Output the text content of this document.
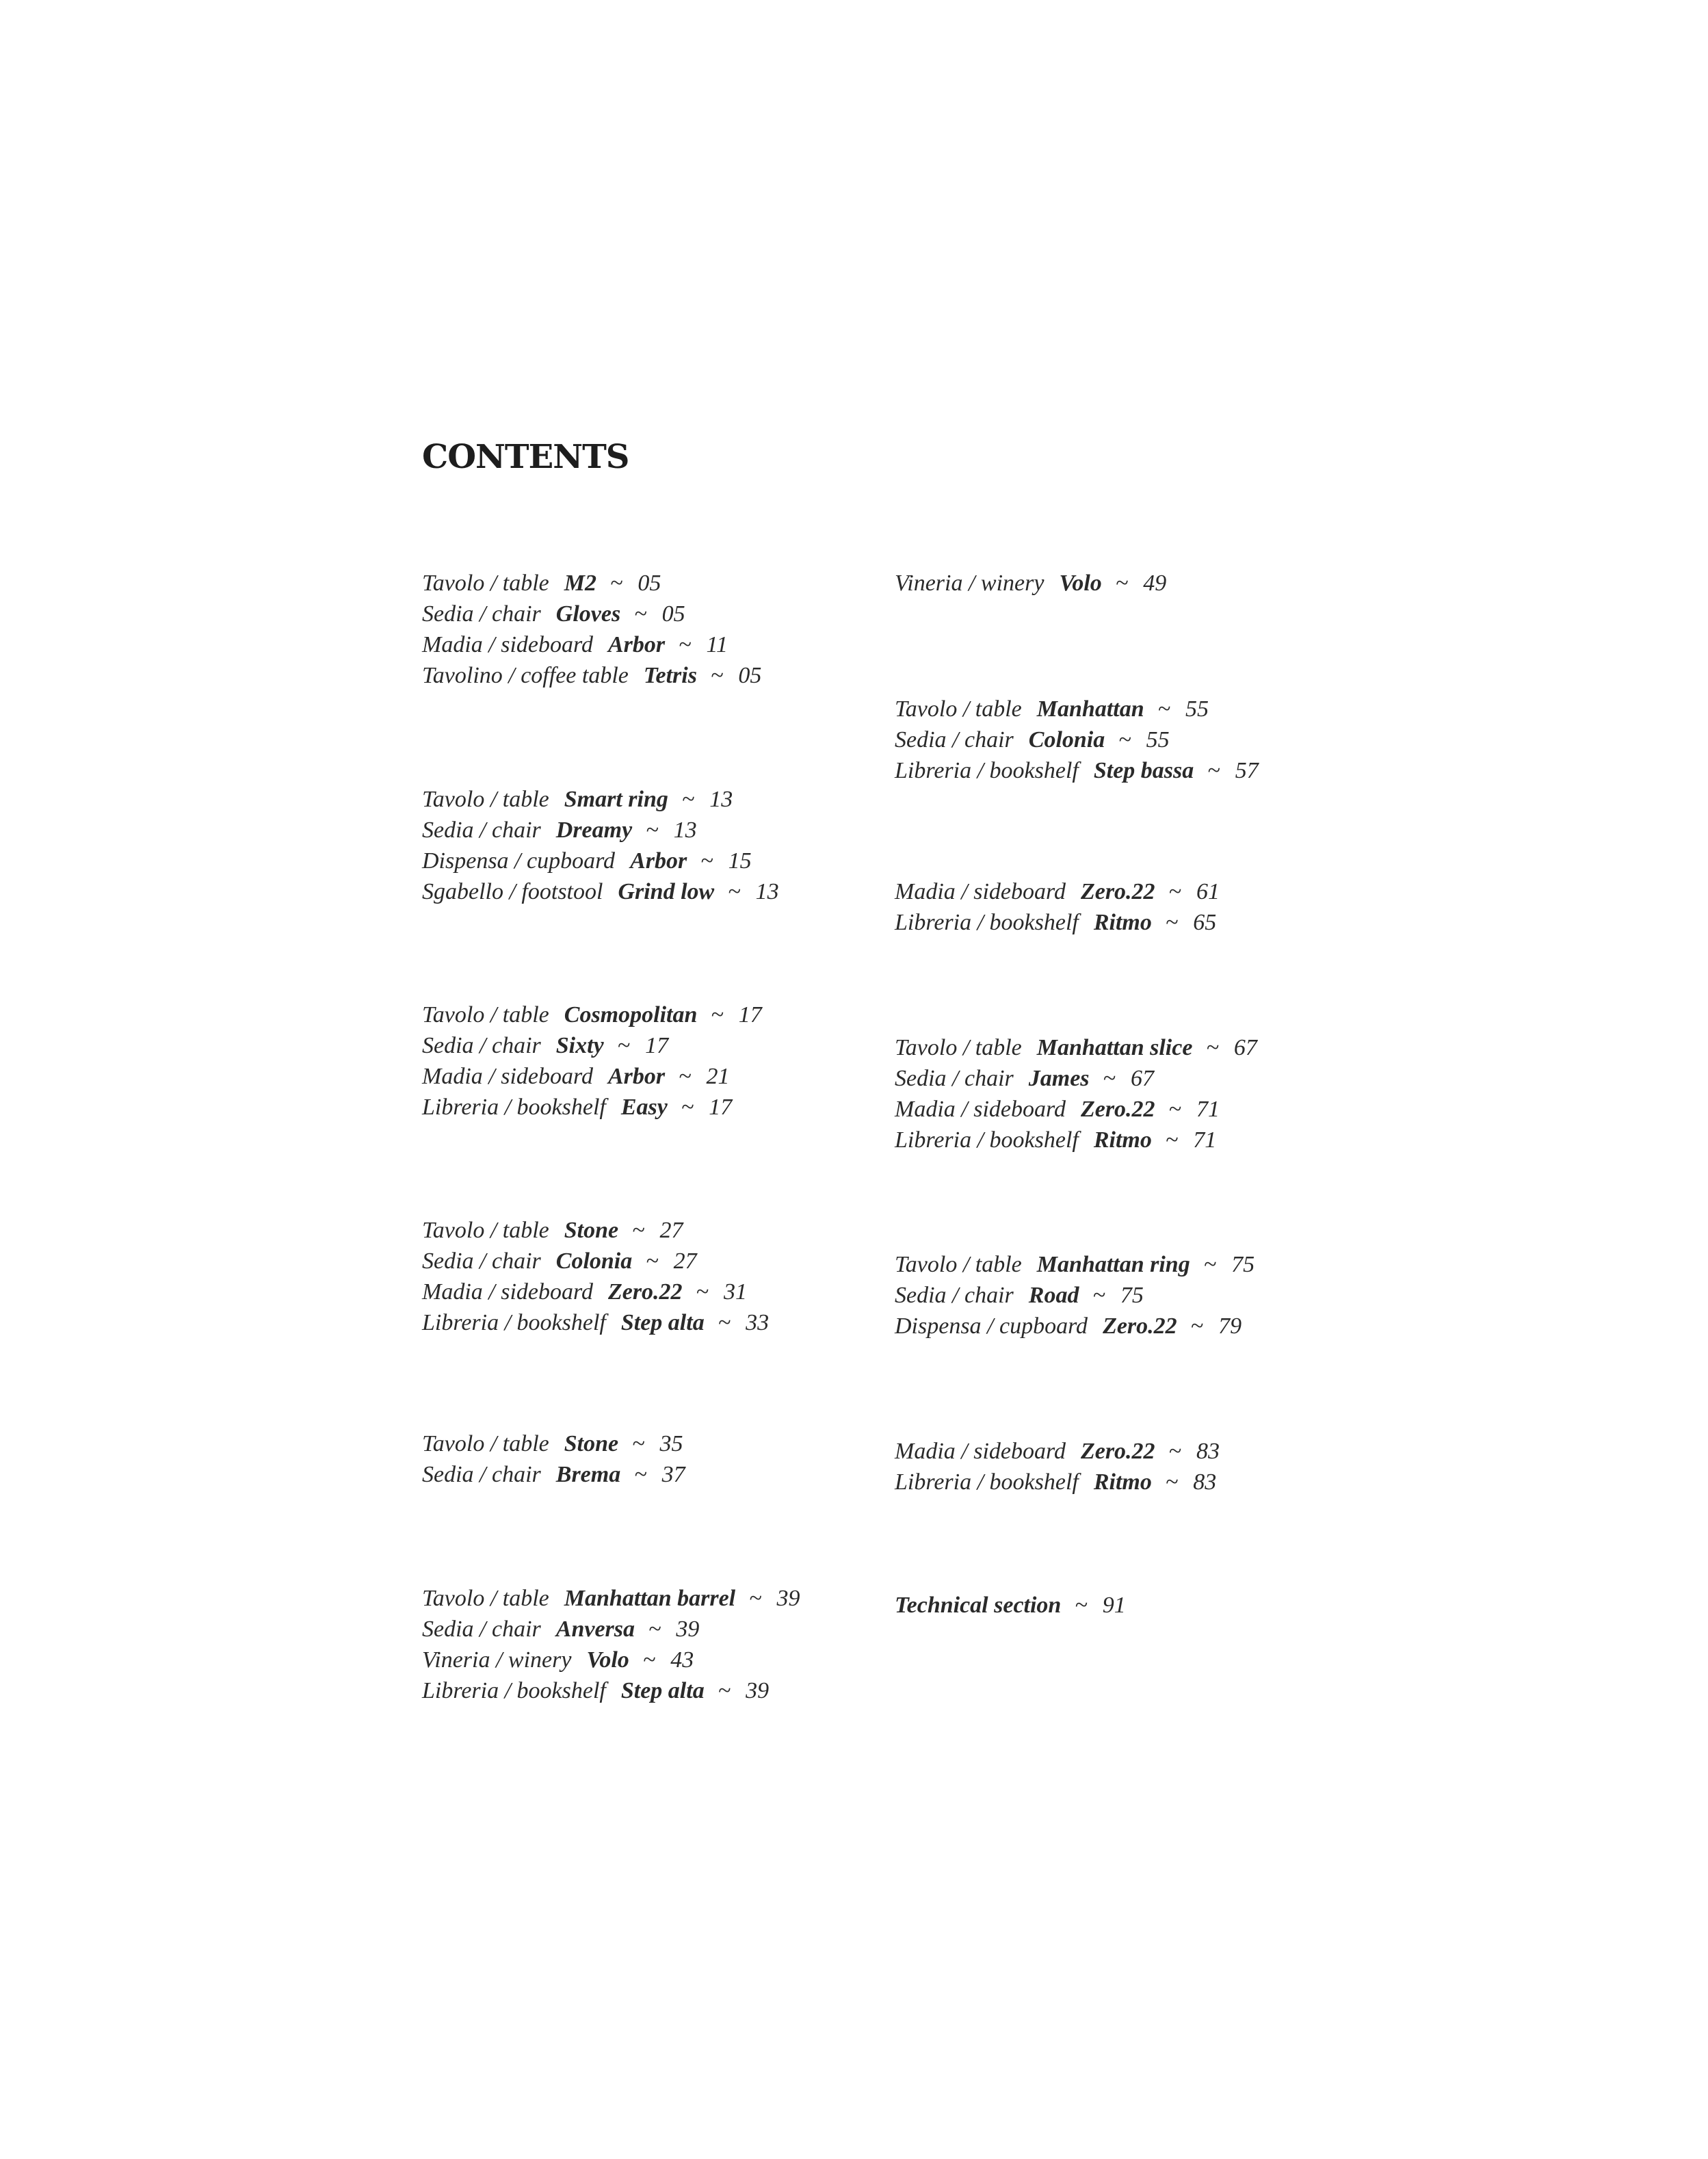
CONTENTS
Tavolo / table M2 ~ 05
Sedia / chair Gloves ~ 05
Madia / sideboard Arbor ~ 11
Tavolino / coffee table Tetris ~ 05
Tavolo / table Smart ring ~ 13
Sedia / chair Dreamy ~ 13
Dispensa / cupboard Arbor ~ 15
Sgabello / footstool Grind low ~ 13
Tavolo / table Cosmopolitan ~ 17
Sedia / chair Sixty ~ 17
Madia / sideboard Arbor ~ 21
Libreria / bookshelf Easy ~ 17
Tavolo / table Stone ~ 27
Sedia / chair Colonia ~ 27
Madia / sideboard Zero.22 ~ 31
Libreria / bookshelf Step alta ~ 33
Tavolo / table Stone ~ 35
Sedia / chair Brema ~ 37
Tavolo / table Manhattan barrel ~ 39
Sedia / chair Anversa ~ 39
Vineria / winery Volo ~ 43
Libreria / bookshelf Step alta ~ 39
Vineria / winery Volo ~ 49
Tavolo / table Manhattan ~ 55
Sedia / chair Colonia ~ 55
Libreria / bookshelf Step bassa ~ 57
Madia / sideboard Zero.22 ~ 61
Libreria / bookshelf Ritmo ~ 65
Tavolo / table Manhattan slice ~ 67
Sedia / chair James ~ 67
Madia / sideboard Zero.22 ~ 71
Libreria / bookshelf Ritmo ~ 71
Tavolo / table Manhattan ring ~ 75
Sedia / chair Road ~ 75
Dispensa / cupboard Zero.22 ~ 79
Madia / sideboard Zero.22 ~ 83
Libreria / bookshelf Ritmo ~ 83
Technical section ~ 91
